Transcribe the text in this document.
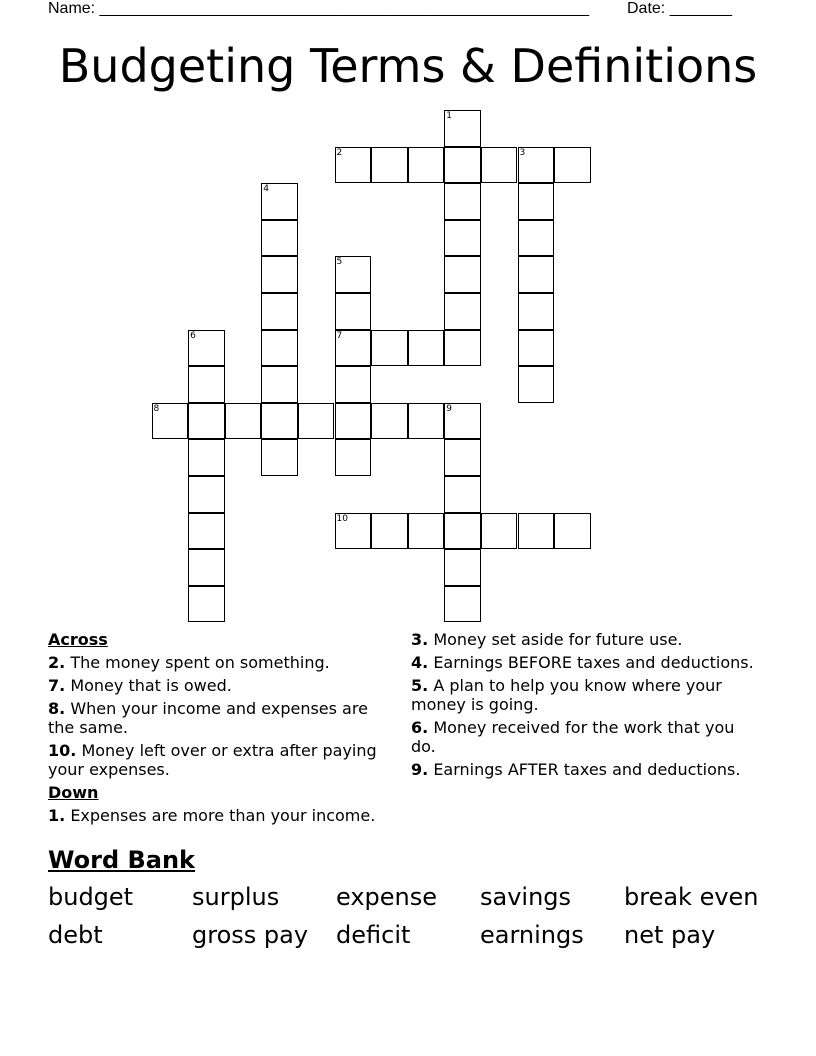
Name: _______________________________________________________ Date: _______
Budgeting Terms & Definitions
1
2	3
4
5
7
6
8	9
10
Across
2. The money spent on something.
7. Money that is owed.
8. When your income and expenses are the same.
10. Money left over or extra after paying your expenses.
Down
1. Expenses are more than your income.
3. Money set aside for future use.
4. Earnings BEFORE taxes and deductions.
5. A plan to help you know where your money is going.
6. Money received for the work that you do.
9. Earnings AFTER taxes and deductions.
Word Bank
budget	surplus	expense	savings	break even
debt	gross pay	deficit	earnings	net pay
